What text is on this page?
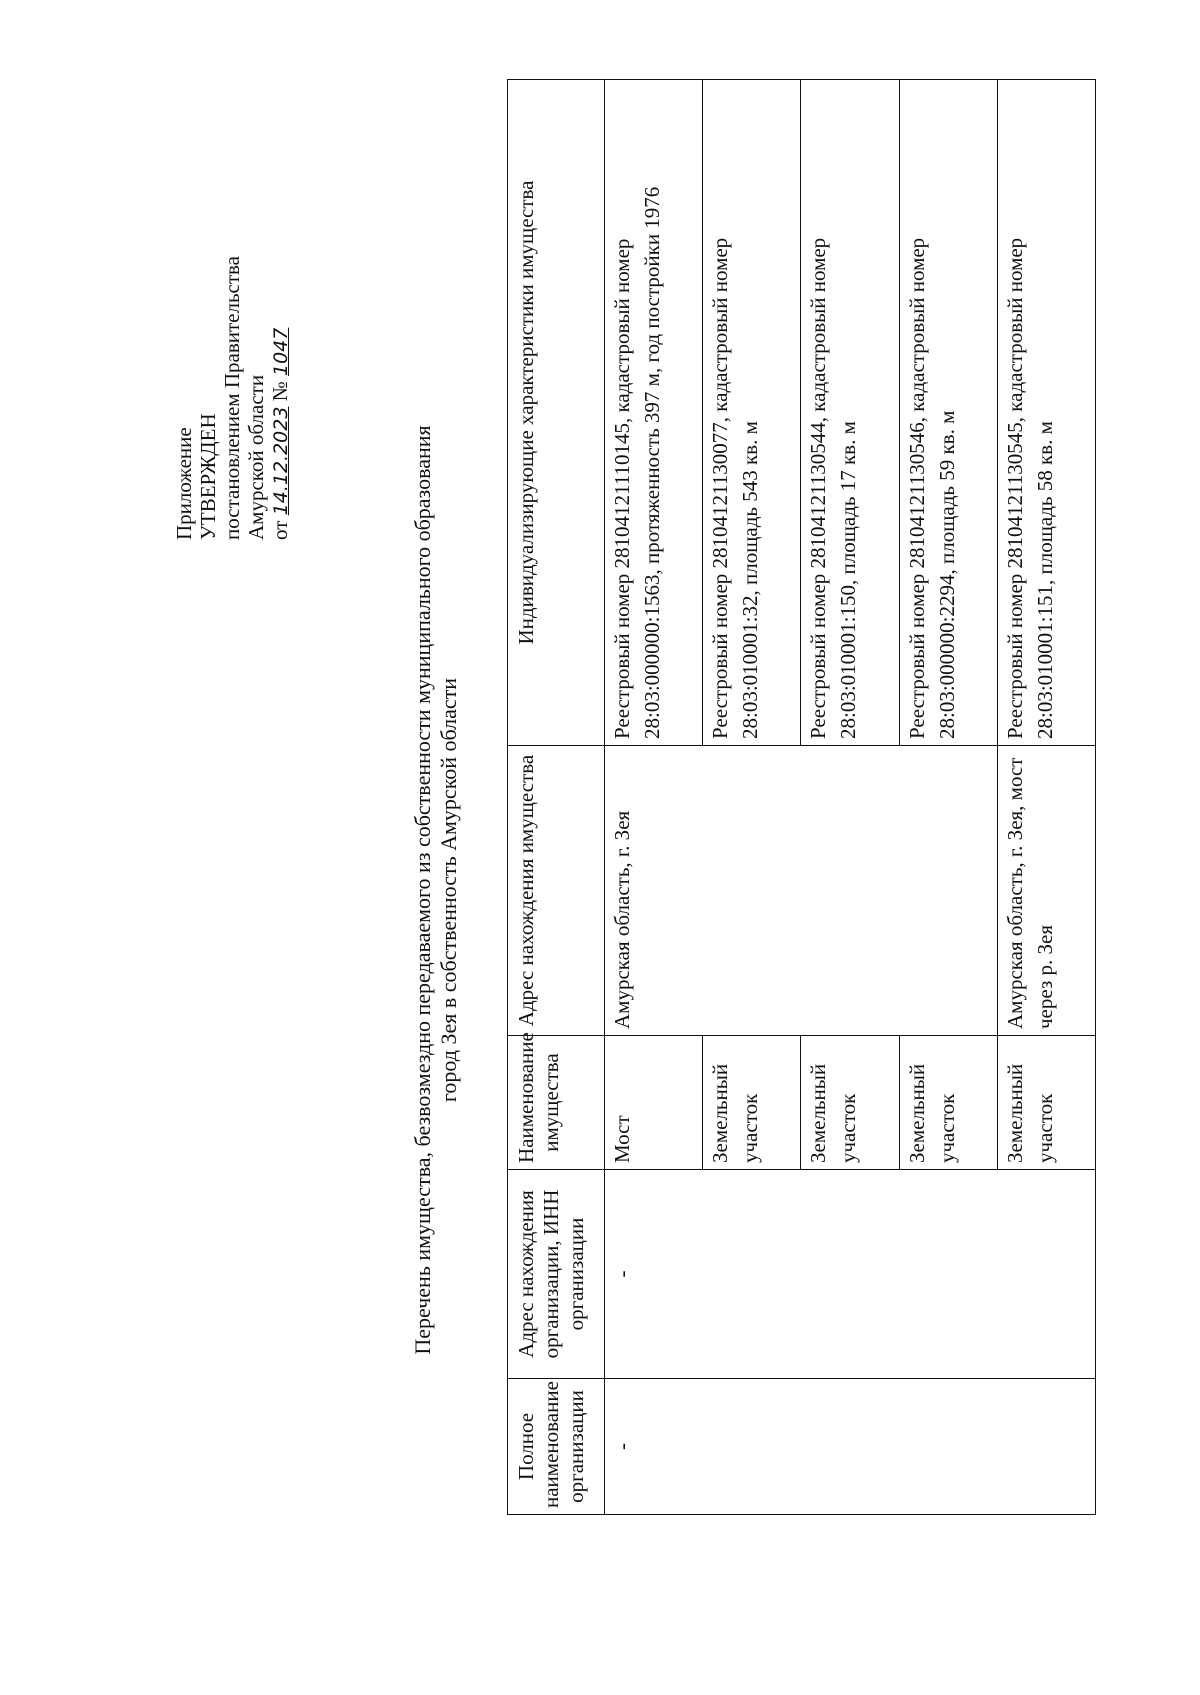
Приложение УТВЕРЖДЕН постановлением Правительства Амурской области от 14.12.2023 № 1047
Перечень имущества, безвозмездно передаваемого из собственности муниципального образования город Зея в собственность Амурской области
Полное наименование организации	Адрес нахождения организации, ИНН организации	Наименование имущества	Адрес нахождения имущества	Индивидуализирующие характеристики имущества
-	-	Мост	Амурская область, г. Зея	Реестровый номер 28104121110145, кадастровый номер 28:03:000000:1563, протяженность 397 м, год постройки 1976
		Земельный участок		Реестровый номер 28104121130077, кадастровый номер 28:03:010001:32, площадь 543 кв. м
		Земельный участок		Реестровый номер 28104121130544, кадастровый номер 28:03:010001:150, площадь 17 кв. м
		Земельный участок		Реестровый номер 28104121130546, кадастровый номер 28:03:000000:2294, площадь 59 кв. м
		Земельный участок	Амурская область, г. Зея, мост через р. Зея	Реестровый номер 28104121130545, кадастровый номер 28:03:010001:151, площадь 58 кв. м
